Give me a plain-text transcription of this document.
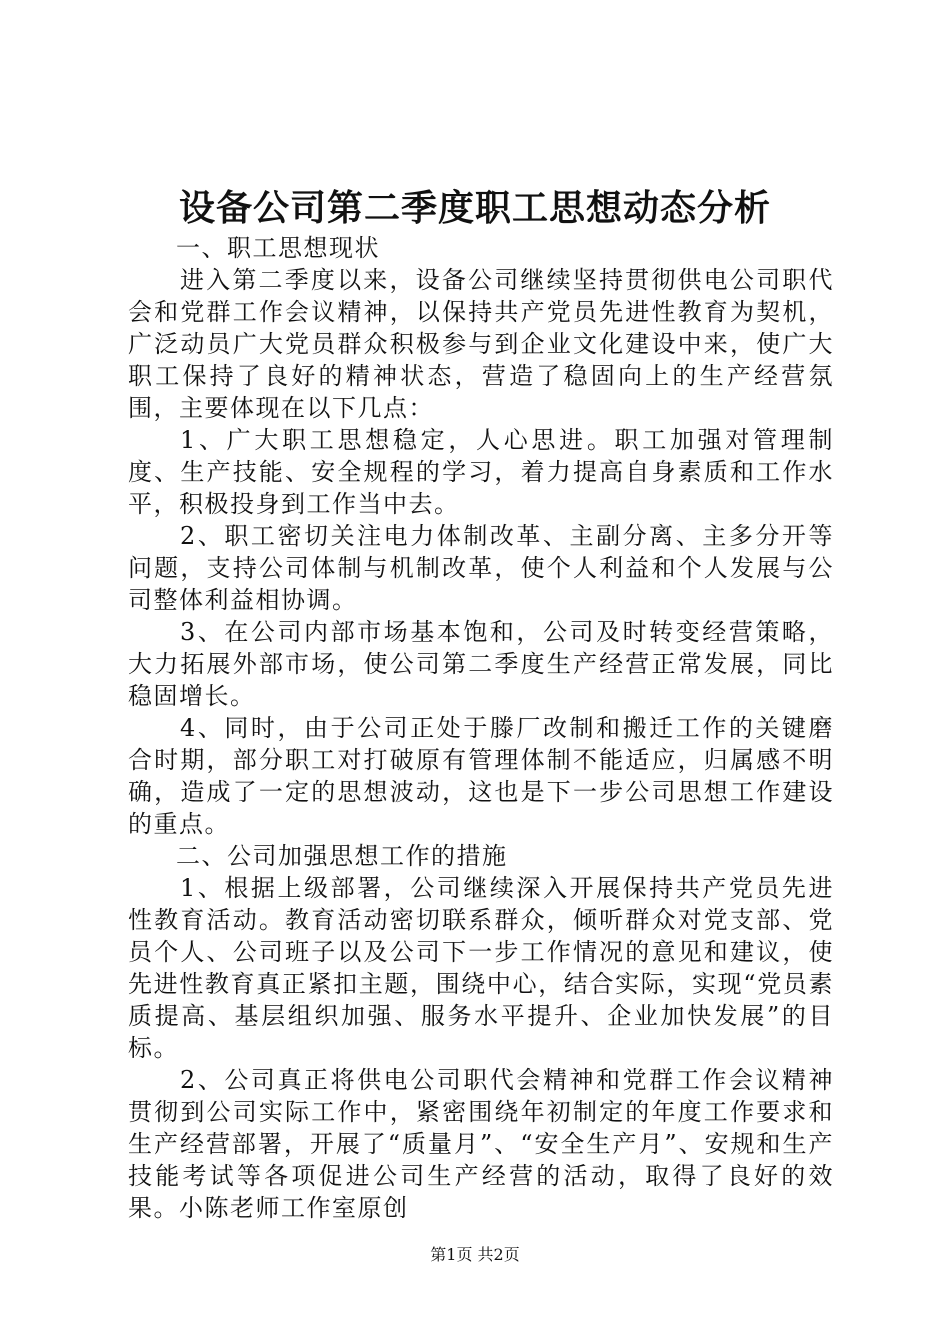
设备公司第二季度职工思想动态分析

一、职工思想现状

进入第二季度以来，设备公司继续坚持贯彻供电公司职代会和党群工作会议精神，以保持共产党员先进性教育为契机，广泛动员广大党员群众积极参与到企业文化建设中来，使广大职工保持了良好的精神状态，营造了稳固向上的生产经营氛围，主要体现在以下几点：

1、广大职工思想稳定，人心思进。职工加强对管理制度、生产技能、安全规程的学习，着力提高自身素质和工作水平，积极投身到工作当中去。

2、职工密切关注电力体制改革、主副分离、主多分开等问题，支持公司体制与机制改革，使个人利益和个人发展与公司整体利益相协调。

3、在公司内部市场基本饱和，公司及时转变经营策略，大力拓展外部市场，使公司第二季度生产经营正常发展，同比稳固增长。

4、同时，由于公司正处于滕厂改制和搬迁工作的关键磨合时期，部分职工对打破原有管理体制不能适应，归属感不明确，造成了一定的思想波动，这也是下一步公司思想工作建设的重点。

二、公司加强思想工作的措施

1、根据上级部署，公司继续深入开展保持共产党员先进性教育活动。教育活动密切联系群众，倾听群众对党支部、党员个人、公司班子以及公司下一步工作情况的意见和建议，使先进性教育真正紧扣主题，围绕中心，结合实际，实现“党员素质提高、基层组织加强、服务水平提升、企业加快发展”的目标。

2、公司真正将供电公司职代会精神和党群工作会议精神贯彻到公司实际工作中，紧密围绕年初制定的年度工作要求和生产经营部署，开展了“质量月”、“安全生产月”、安规和生产技能考试等各项促进公司生产经营的活动，取得了良好的效果。小陈老师工作室原创

第1页 共2页
